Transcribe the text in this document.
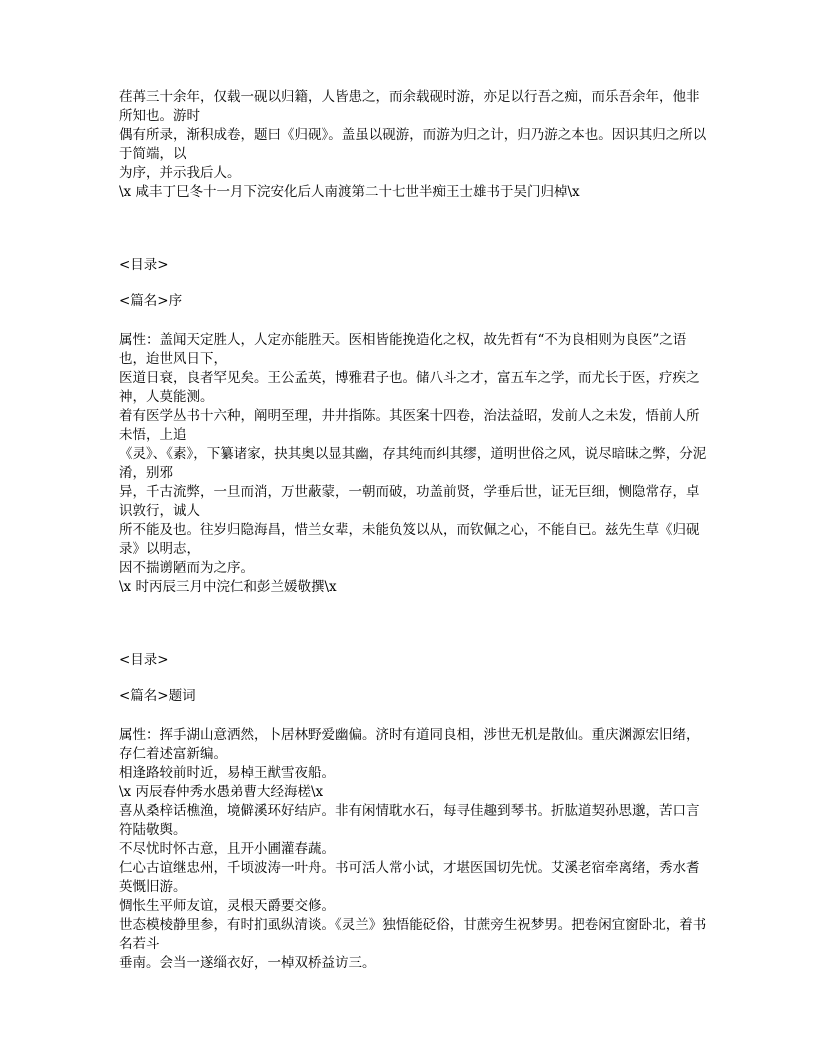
荏苒三十余年，仅载一砚以归籍，人皆患之，而余载砚时游，亦足以行吾之痴，而乐吾余年，他非所知也。游时
偶有所录，渐积成卷，题曰《归砚》。盖虽以砚游，而游为归之计，归乃游之本也。因识其归之所以于简端，以
为序，并示我后人。
\x 咸丰丁巳冬十一月下浣安化后人南渡第二十七世半痴王士雄书于吴门归棹\x
<目录>
<篇名>序
属性：盖闻天定胜人，人定亦能胜天。医相皆能挽造化之权，故先哲有“不为良相则为良医”之语也，迨世风日下，
医道日衰，良者罕见矣。王公孟英，博雅君子也。储八斗之才，富五车之学，而尤长于医，疗疾之神，人莫能测。
着有医学丛书十六种，阐明至理，井井指陈。其医案十四卷，治法益昭，发前人之未发，悟前人所未悟，上追
《灵》、《素》，下纂诸家，抉其奥以显其幽，存其纯而纠其缪，道明世俗之风，说尽暗昧之弊，分泥淆，别邪
异，千古流弊，一旦而消，万世蔽蒙，一朝而破，功盖前贤，学垂后世，证无巨细，恻隐常存，卓识敦行，诚人
所不能及也。往岁归隐海昌，惜兰女辈，未能负笈以从，而钦佩之心，不能自已。兹先生草《归砚录》以明志，
因不揣谫陋而为之序。
\x 时丙辰三月中浣仁和彭兰媛敬撰\x
<目录>
<篇名>题词
属性：挥手湖山意洒然，卜居林野爱幽偏。济时有道同良相，涉世无机是散仙。重庆渊源宏旧绪，存仁着述富新编。
相逢路较前时近，易棹王猷雪夜船。
\x 丙辰春仲秀水愚弟曹大经海槎\x
喜从桑梓话樵渔，境僻溪环好结庐。非有闲情耽水石，每寻佳趣到琴书。折肱道契孙思邈，苦口言符陆敬舆。
不尽忧时怀古意，且开小圃灌春蔬。
仁心古谊继忠州，千顷波涛一叶舟。书可活人常小试，才堪医国切先忧。艾溪老宿牵离绪，秀水耆英慨旧游。
惆怅生平师友谊，灵根天爵要交修。
世态模棱静里参，有时扪虱纵清谈。《灵兰》独悟能砭俗，甘蔗旁生祝梦男。把卷闲宜窗卧北，着书名若斗
垂南。会当一遂缁衣好，一棹双桥益访三。
